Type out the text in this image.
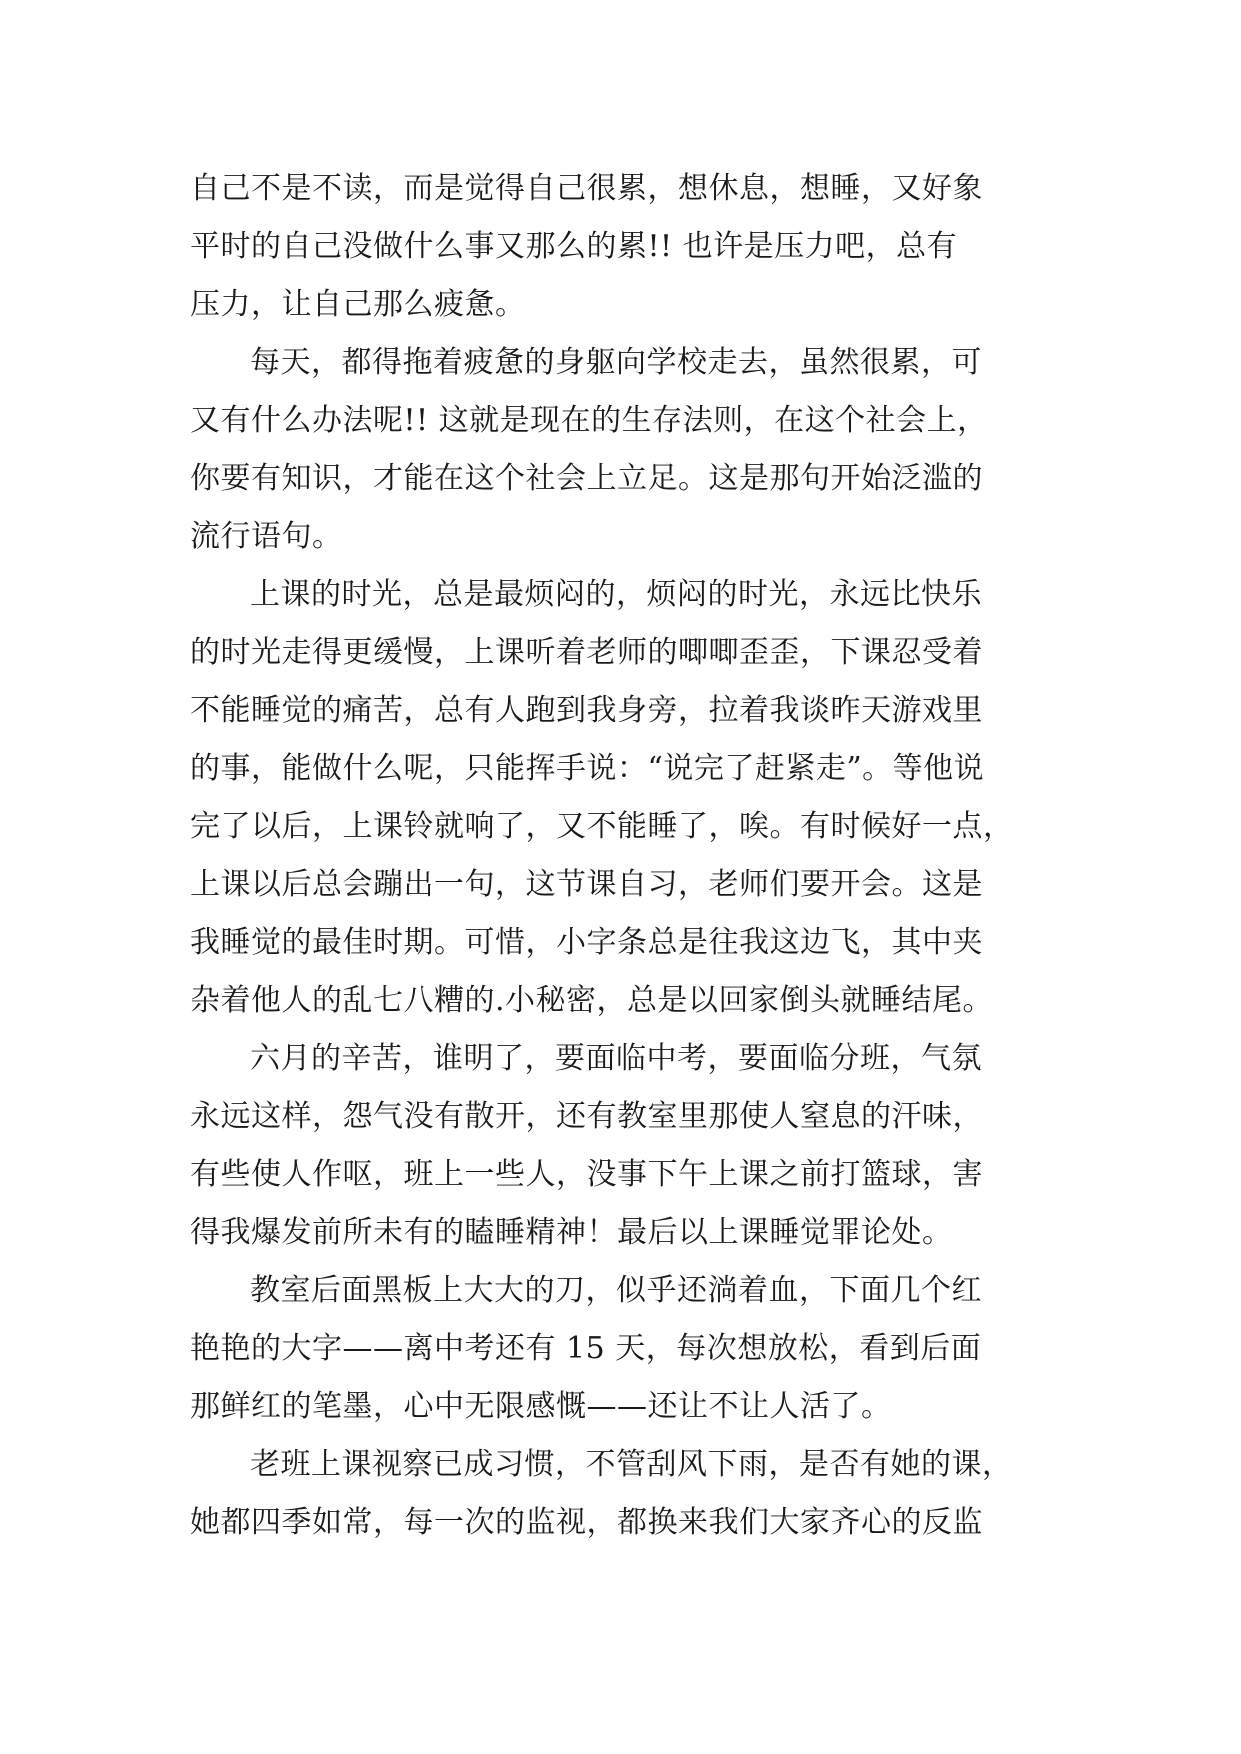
自己不是不读，而是觉得自己很累，想休息，想睡，又好象
平时的自己没做什么事又那么的累!! 也许是压力吧，总有
压力，让自己那么疲惫。
每天，都得拖着疲惫的身躯向学校走去，虽然很累，可
又有什么办法呢!! 这就是现在的生存法则，在这个社会上，
你要有知识，才能在这个社会上立足。这是那句开始泛滥的
流行语句。
上课的时光，总是最烦闷的，烦闷的时光，永远比快乐
的时光走得更缓慢，上课听着老师的唧唧歪歪，下课忍受着
不能睡觉的痛苦，总有人跑到我身旁，拉着我谈昨天游戏里
的事，能做什么呢，只能挥手说：“说完了赶紧走”。等他说
完了以后，上课铃就响了，又不能睡了，唉。有时候好一点，
上课以后总会蹦出一句，这节课自习，老师们要开会。这是
我睡觉的最佳时期。可惜，小字条总是往我这边飞，其中夹
杂着他人的乱七八糟的.小秘密，总是以回家倒头就睡结尾。
六月的辛苦，谁明了，要面临中考，要面临分班，气氛
永远这样，怨气没有散开，还有教室里那使人窒息的汗味，
有些使人作呕，班上一些人，没事下午上课之前打篮球，害
得我爆发前所未有的瞌睡精神！最后以上课睡觉罪论处。
教室后面黑板上大大的刀，似乎还淌着血，下面几个红
艳艳的大字——离中考还有 15 天，每次想放松，看到后面
那鲜红的笔墨，心中无限感慨——还让不让人活了。
老班上课视察已成习惯，不管刮风下雨，是否有她的课，
她都四季如常，每一次的监视，都换来我们大家齐心的反监
